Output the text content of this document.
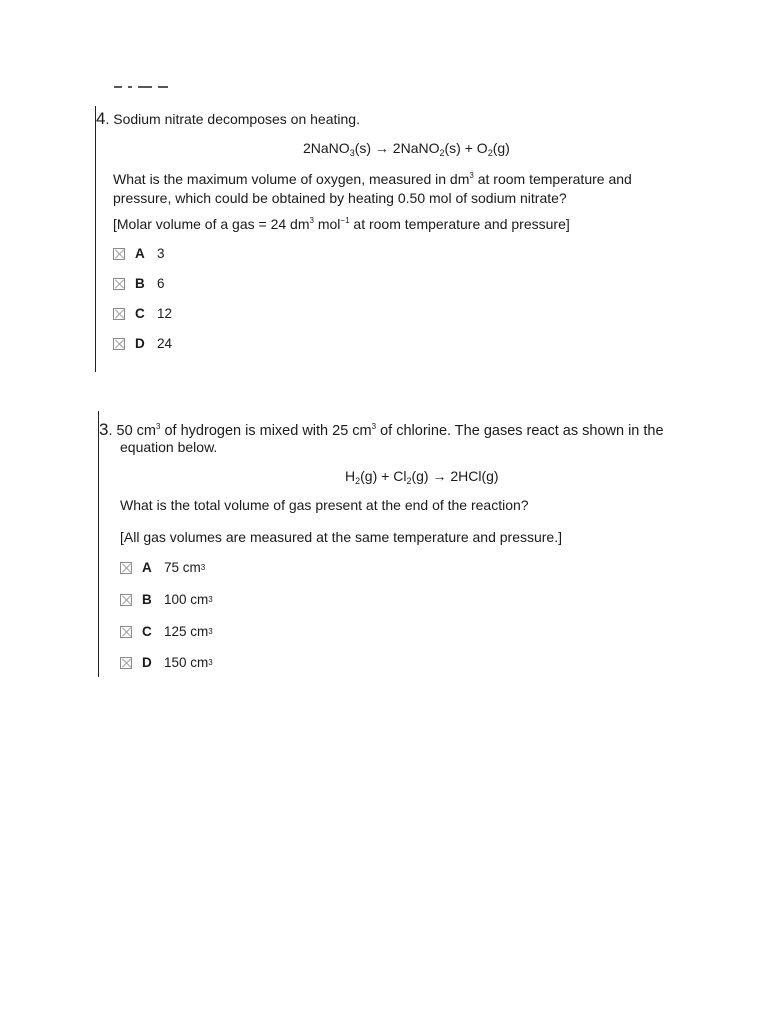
4. Sodium nitrate decomposes on heating.
2NaNO$_3$(s) → 2NaNO$_2$(s) + $O_2(g)$
What is the maximum volume of oxygen, measured in $dm^3$ at room temperature and pressure, which could be obtained by heating 0.50 mol of sodium nitrate?
[Molar volume of a gas = 24 $dm^3$ mol$^{-1}$ at room temperature and pressure]
A 3
B 6
C 12
D 24
3. 50 $cm^3$ of hydrogen is mixed with 25 $cm^3$ of chlorine. The gases react as shown in the
equation below.
$H_2(g) + Cl_2(g) \to 2HCl(g)$
What is the total volume of gas present at the end of the reaction?
[All gas volumes are measured at the same temperature and pressure.]
A 75 cm 3
B 100 cm 3
C 125 cm 3
D 150 cm 3
